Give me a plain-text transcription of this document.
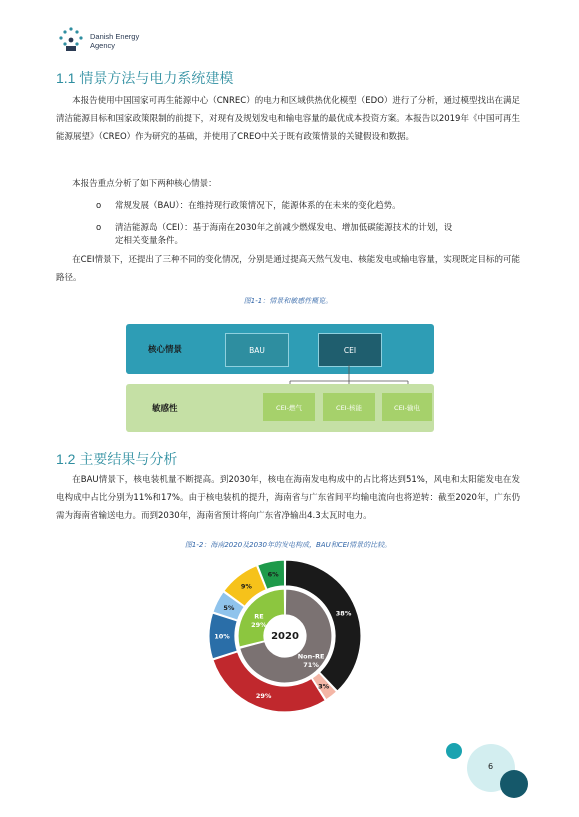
Danish Energy
Agency
1.1 情景方法与电力系统建模
本报告使用中国国家可再生能源中心（CNREC）的电力和区域供热优化模型（EDO）进行了分析，通过模型找出在满足清洁能源目标和国家政策限制的前提下，对现有及规划发电和输电容量的最优成本投资方案。本报告以2019年《中国可再生能源展望》（CREO）作为研究的基础，并使用了CREO中关于既有政策情景的关键假设和数据。
本报告重点分析了如下两种核心情景：
o 常规发展（BAU）：在维持现行政策情况下，能源体系的在未来的变化趋势。
o 清洁能源岛（CEI）：基于海南在2030年之前减少燃煤发电、增加低碳能源技术的计划，设
定相关变量条件。
在CEI情景下，还提出了三种不同的变化情况，分别是通过提高天然气发电、核能发电或输电容量，实现既定目标的可能路径。
图1-1：情景和敏感性概览。
核心情景	BAU	CEI
敏感性	CEI-燃气	CEI-核能	CEI-输电
1.2 主要结果与分析
在BAU情景下，核电装机量不断提高。到2030年，核电在海南发电构成中的占比将达到51%，风电和太阳能发电在发电构成中占比分别为11%和17%。由于核电装机的提升，海南省与广东省间平均输电流向也将逆转：截至2020年，广东仍需为海南省输送电力。而到2030年，海南省预计将向广东省净输出4.3太瓦时电力。
图1-2：海南2020及2030年的发电构成，BAU和CEI情景的比较。
38%
3%
29%
10%
5%
9%
6%
Non-RE
71%
RE
29%
2020
6
